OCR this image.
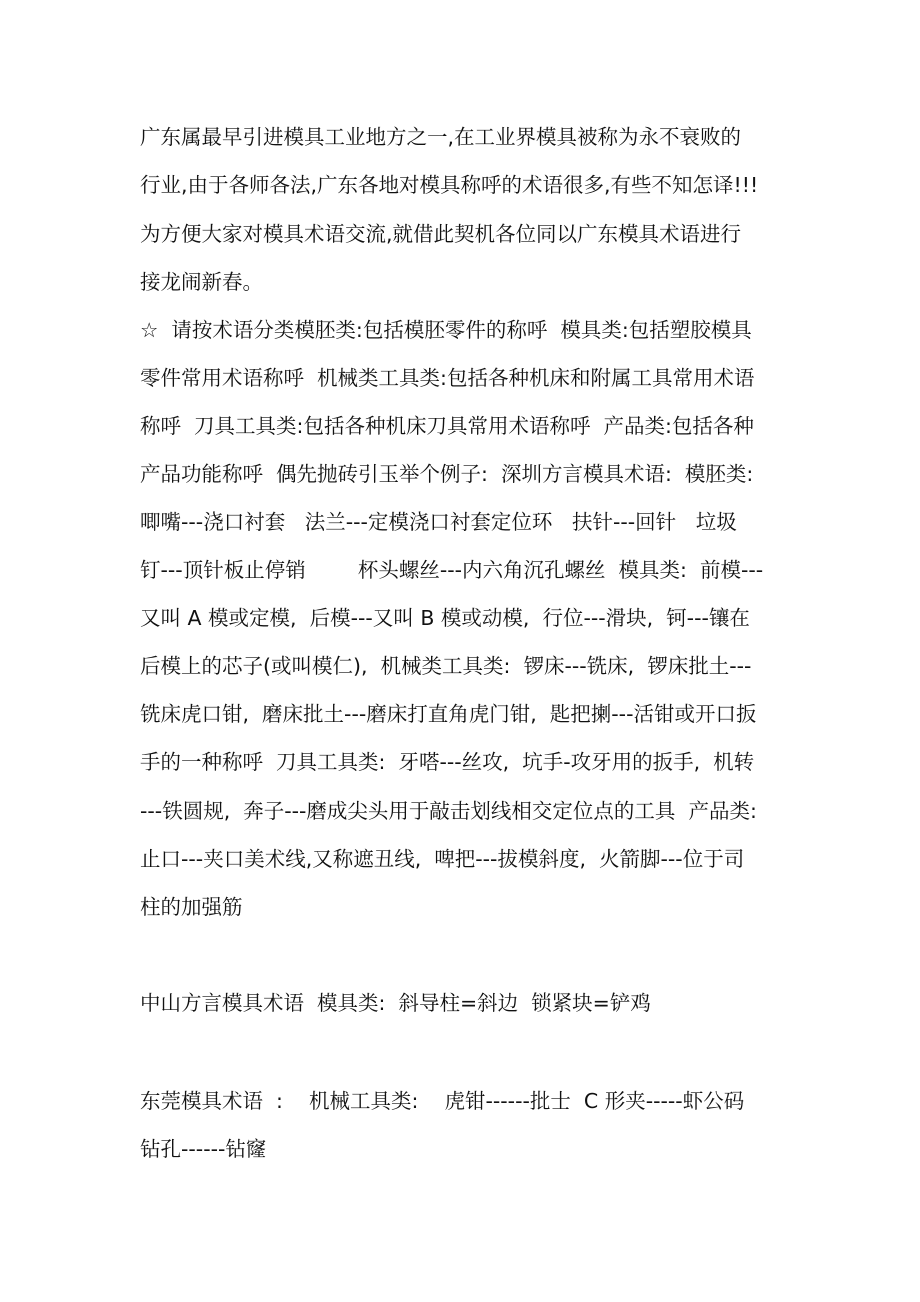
广东属最早引进模具工业地方之一,在工业界模具被称为永不衰败的
行业,由于各师各法,广东各地对模具称呼的术语很多,有些不知怎译!!!
为方便大家对模具术语交流,就借此契机各位同以广东模具术语进行
接龙闹新春。
☆  请按术语分类模胚类:包括模胚零件的称呼  模具类:包括塑胶模具
零件常用术语称呼  机械类工具类:包括各种机床和附属工具常用术语
称呼  刀具工具类:包括各种机床刀具常用术语称呼  产品类:包括各种
产品功能称呼  偶先抛砖引玉举个例子:  深圳方言模具术语:  模胚类:
唧嘴---浇口衬套   法兰---定模浇口衬套定位环   扶针---回针   垃圾
钉---顶针板止停销        杯头螺丝---内六角沉孔螺丝  模具类:  前模---
又叫 A 模或定模,  后模---又叫 B 模或动模,  行位---滑块,  钶---镶在
后模上的芯子(或叫模仁),  机械类工具类:  锣床---铣床,  锣床批土---
铣床虎口钳,  磨床批土---磨床打直角虎门钳,  匙把揦---活钳或开口扳
手的一种称呼  刀具工具类:  牙嗒---丝攻,  坑手-攻牙用的扳手,  机转
---铁圆规,  奔子---磨成尖头用于敲击划线相交定位点的工具  产品类:
止口---夹口美术线,又称遮丑线,  啤把---拔模斜度,  火箭脚---位于司
柱的加强筋
中山方言模具术语  模具类:  斜导柱=斜边  锁紧块=铲鸡
东莞模具术语  :    机械工具类:    虎钳------批士  C 形夹-----虾公码
钻孔------钻窿
